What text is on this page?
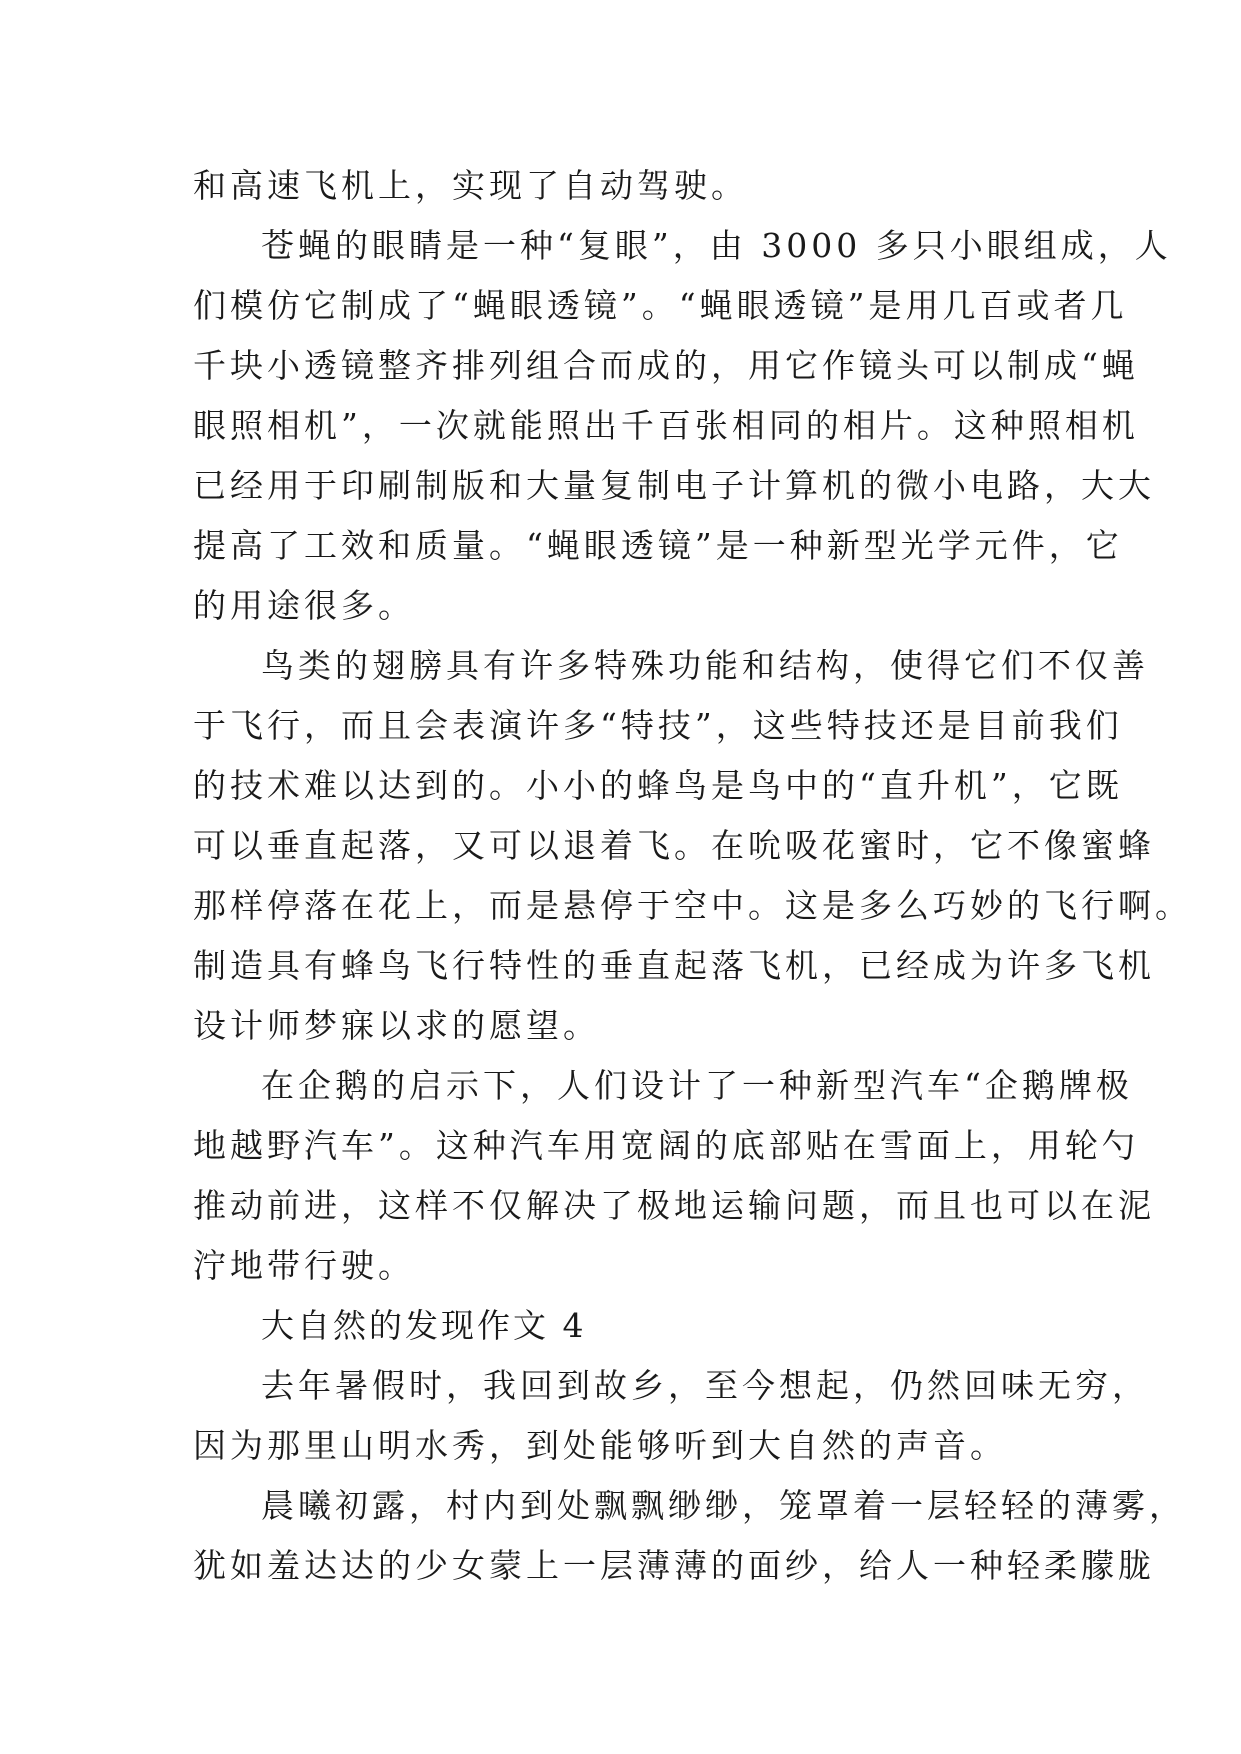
和高速飞机上，实现了自动驾驶。
苍蝇的眼睛是一种“复眼”，由 3000 多只小眼组成，人
们模仿它制成了“蝇眼透镜”。“蝇眼透镜”是用几百或者几
千块小透镜整齐排列组合而成的，用它作镜头可以制成“蝇
眼照相机”，一次就能照出千百张相同的相片。这种照相机
已经用于印刷制版和大量复制电子计算机的微小电路，大大
提高了工效和质量。“蝇眼透镜”是一种新型光学元件，它
的用途很多。
鸟类的翅膀具有许多特殊功能和结构，使得它们不仅善
于飞行，而且会表演许多“特技”，这些特技还是目前我们
的技术难以达到的。小小的蜂鸟是鸟中的“直升机”，它既
可以垂直起落，又可以退着飞。在吮吸花蜜时，它不像蜜蜂
那样停落在花上，而是悬停于空中。这是多么巧妙的飞行啊。
制造具有蜂鸟飞行特性的垂直起落飞机，已经成为许多飞机
设计师梦寐以求的愿望。
在企鹅的启示下，人们设计了一种新型汽车“企鹅牌极
地越野汽车”。这种汽车用宽阔的底部贴在雪面上，用轮勺
推动前进，这样不仅解决了极地运输问题，而且也可以在泥
泞地带行驶。
大自然的发现作文 4
去年暑假时，我回到故乡，至今想起，仍然回味无穷，
因为那里山明水秀，到处能够听到大自然的声音。
晨曦初露，村内到处飘飘缈缈，笼罩着一层轻轻的薄雾，
犹如羞达达的少女蒙上一层薄薄的面纱，给人一种轻柔朦胧
